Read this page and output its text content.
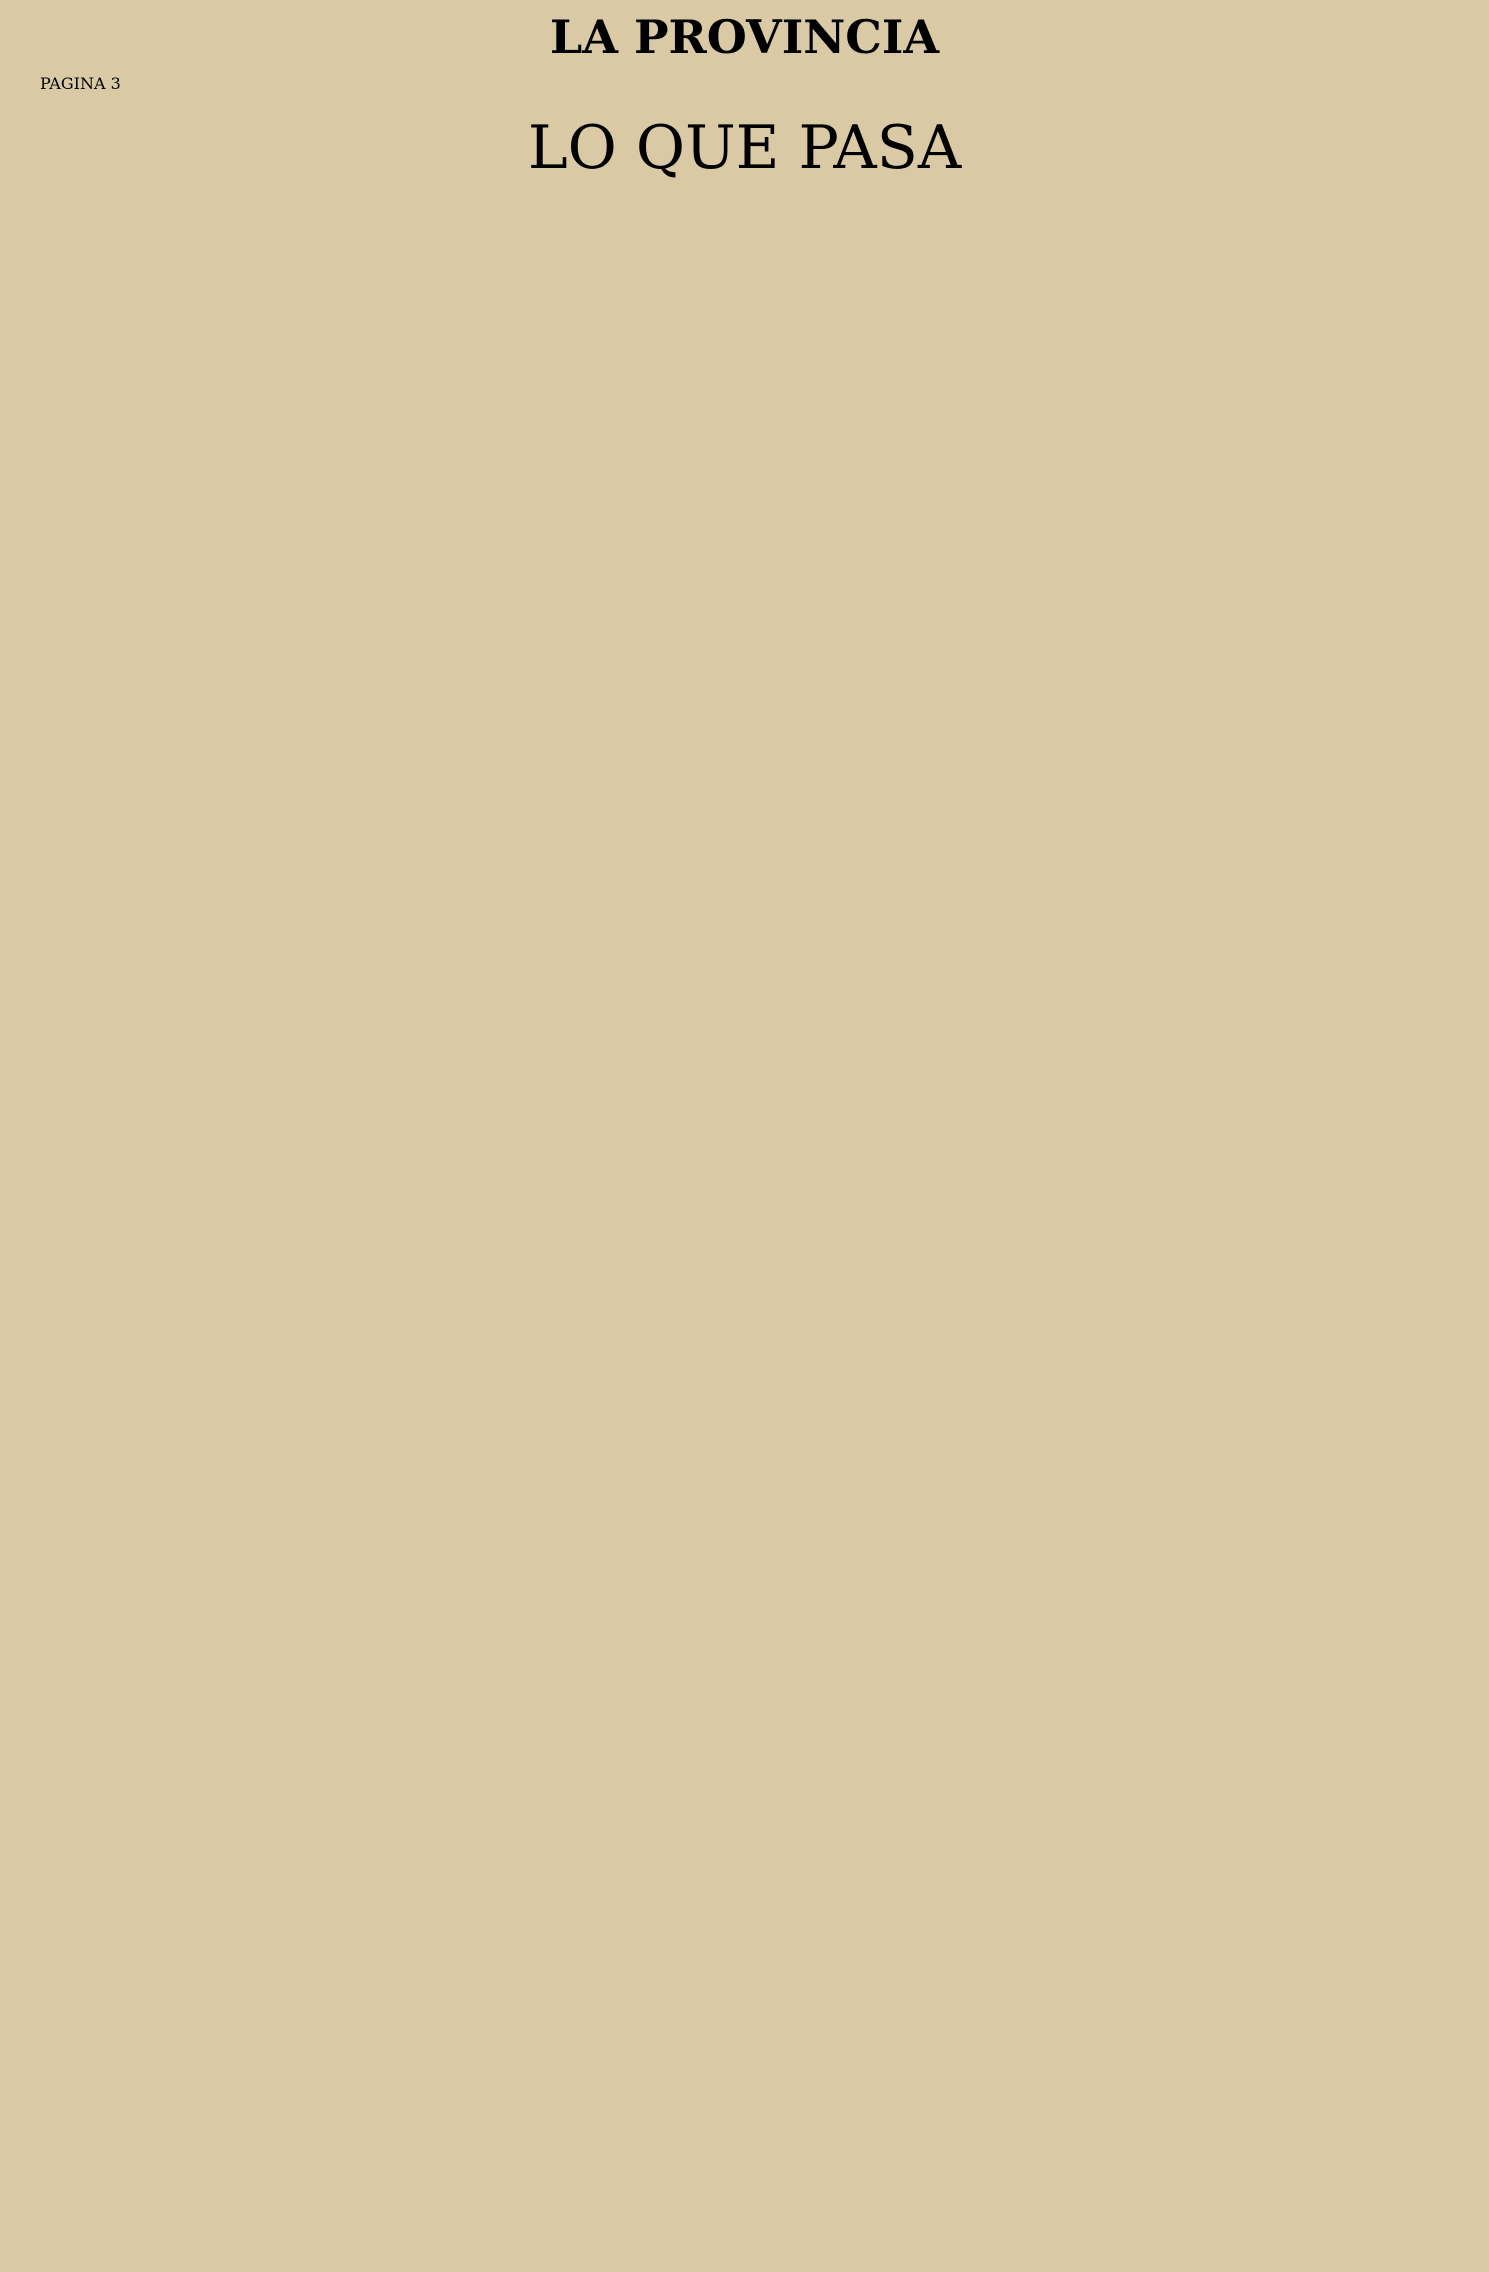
LA PROVINCIA
PAGINA 3
LO QUE PASA
